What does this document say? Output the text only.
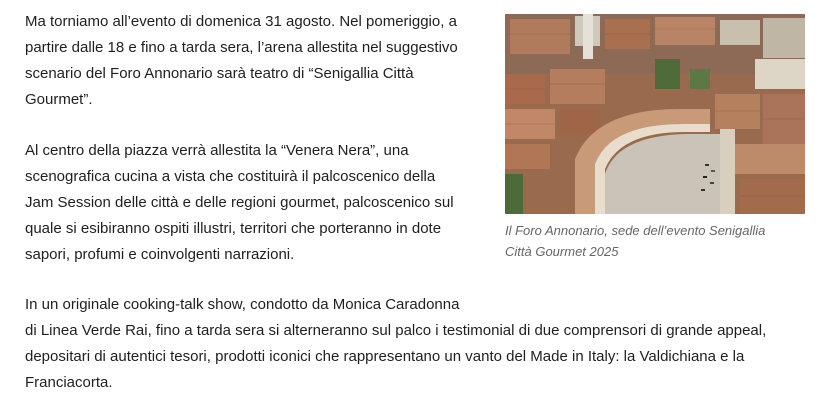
Ma torniamo all’evento di domenica 31 agosto. Nel pomeriggio, a
partire dalle 18 e fino a tarda sera, l’arena allestita nel suggestivo
scenario del Foro Annonario sarà teatro di “Senigallia Città
Gourmet”.
Al centro della piazza verrà allestita la “Venera Nera”, una
scenografica cucina a vista che costituirà il palcoscenico della
Jam Session delle città e delle regioni gourmet, palcoscenico sul
quale si esibiranno ospiti illustri, territori che porteranno in dote
sapori, profumi e coinvolgenti narrazioni.
In un originale cooking-talk show, condotto da Monica Caradonna
di Linea Verde Rai, fino a tarda sera si alterneranno sul palco i testimonial di due comprensori di grande appeal,
depositari di autentici tesori, prodotti iconici che rappresentano un vanto del Made in Italy: la Valdichiana e la
Franciacorta.
Il Foro Annonario, sede dell’evento Senigallia
Città Gourmet 2025
